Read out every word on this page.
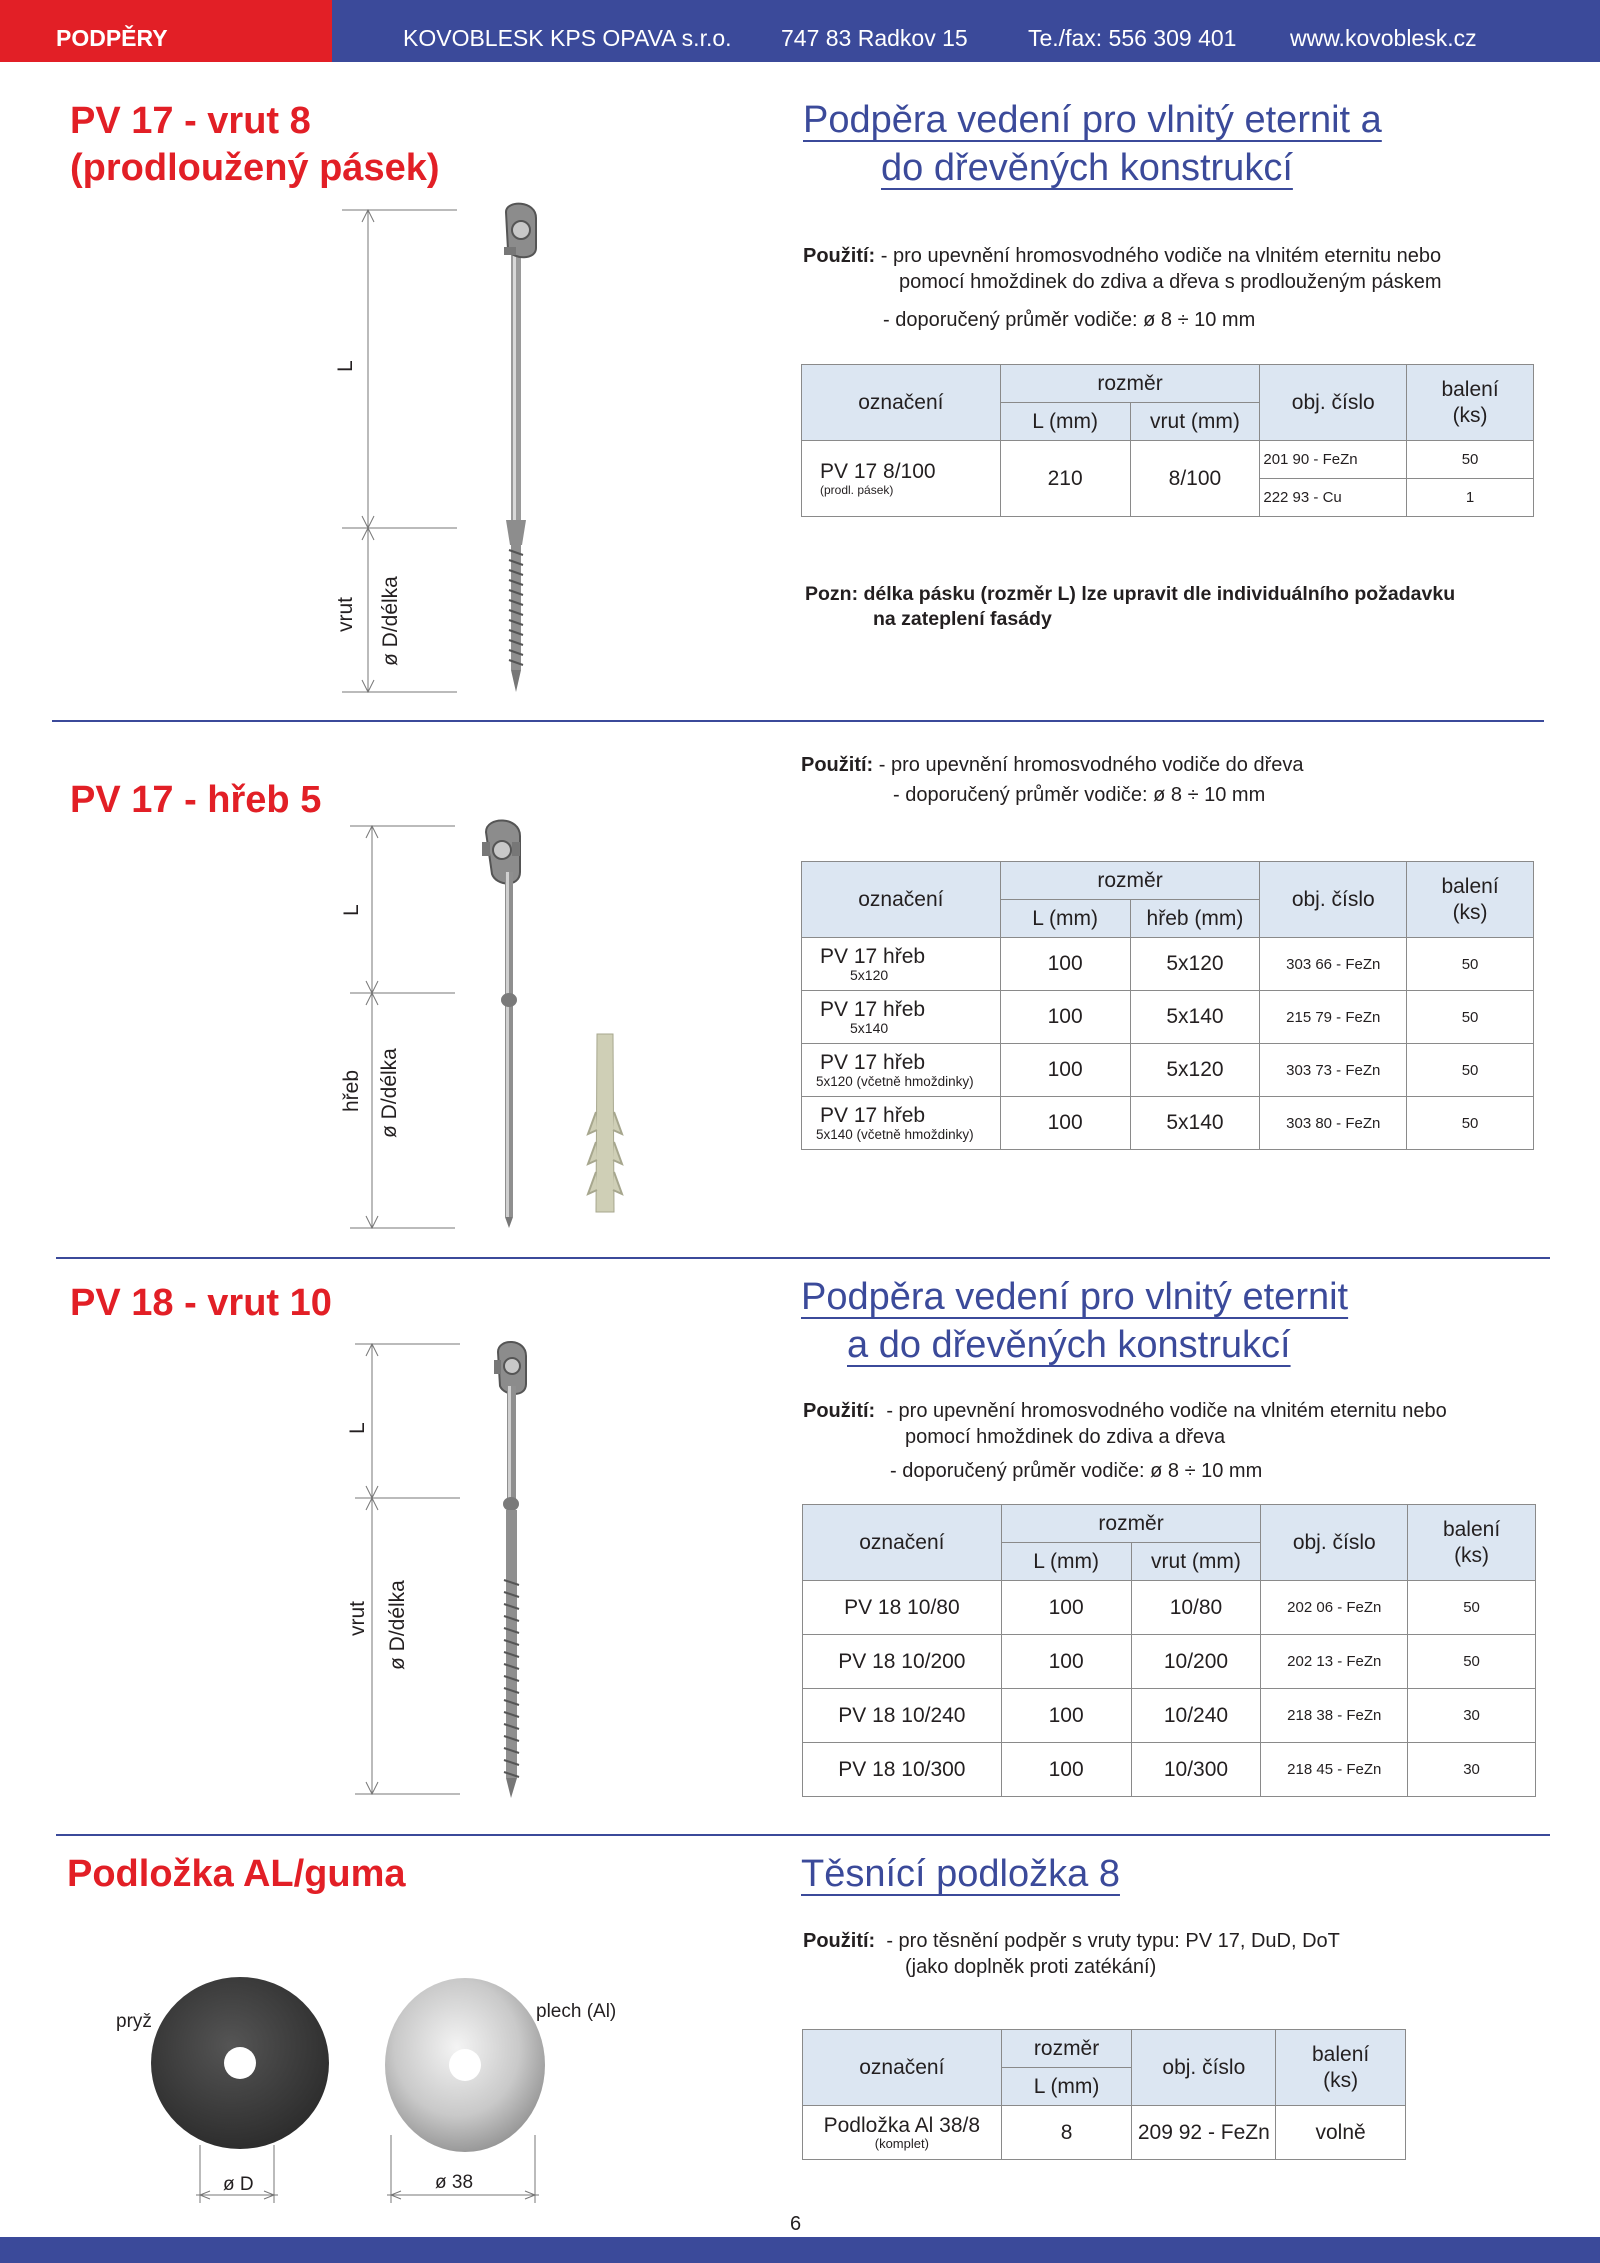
PODPĚRY	KOVOBLESK KPS OPAVA s.r.o. 747 83 Radkov 15	Te./fax: 556 309 401 www.kovoblesk.cz
PV 17 - vrut 8
(prodloužený pásek)
Podpěra vedení pro vlnitý eternit a
do dřevěných konstrukcí
Použití: - pro upevnění hromosvodného vodiče na vlnitém eternitu nebo
pomocí hmoždinek do zdiva a dřeva s prodlouženým páskem
- doporučený průměr vodiče: ø 8 ÷ 10 mm
L
vrut ø D/délka
označení	rozměr		obj. číslo	balení
(ks)
	L (mm)	vrut (mm)		
PV 17 8/100
(prodl. pásek)	210	8/100	201 90 - FeZn	50
			222 93 - Cu	1
Pozn: délka pásku (rozměr L) lze upravit dle individuálního požadavku
na zateplení fasády
PV 17 - hřeb 5
Použití: - pro upevnění hromosvodného vodiče do dřeva
- doporučený průměr vodiče: ø 8 ÷ 10 mm
L
hřeb ø D/délka
označení	rozměr		obj. číslo	balení
(ks)
	L (mm)	hřeb (mm)		
PV 17 hřeb
5x120	100	5x120	303 66 - FeZn	50
PV 17 hřeb
5x140	100	5x140	215 79 - FeZn	50
PV 17 hřeb
5x120 (včetně hmoždinky)	100	5x120	303 73 - FeZn	50
PV 17 hřeb
5x140 (včetně hmoždinky)	100	5x140	303 80 - FeZn	50
PV 18 - vrut 10	Podpěra vedení pro vlnitý eternit
a do dřevěných konstrukcí
Použití: - pro upevnění hromosvodného vodiče na vlnitém eternitu nebo
pomocí hmoždinek do zdiva a dřeva
- doporučený průměr vodiče: ø 8 ÷ 10 mm
L
vrut ø D/délka
označení	rozměr		obj. číslo	balení
(ks)
	L (mm)	vrut (mm)		
PV 18 10/80	100	10/80	202 06 - FeZn	50
PV 18 10/200	100	10/200	202 13 - FeZn	50
PV 18 10/240	100	10/240	218 38 - FeZn	30
PV 18 10/300	100	10/300	218 45 - FeZn	30
Podložka AL/guma	Těsnící podložka 8
Použití: - pro těsnění podpěr s vruty typu: PV 17, DuD, DoT
(jako doplněk proti zatékání)
pryž	plech (Al)
ø D	ø 38
označení	rozměr	obj. číslo	balení
(ks)
	L (mm)		
Podložka Al 38/8
(komplet)	8	209 92 - FeZn	volně
6
